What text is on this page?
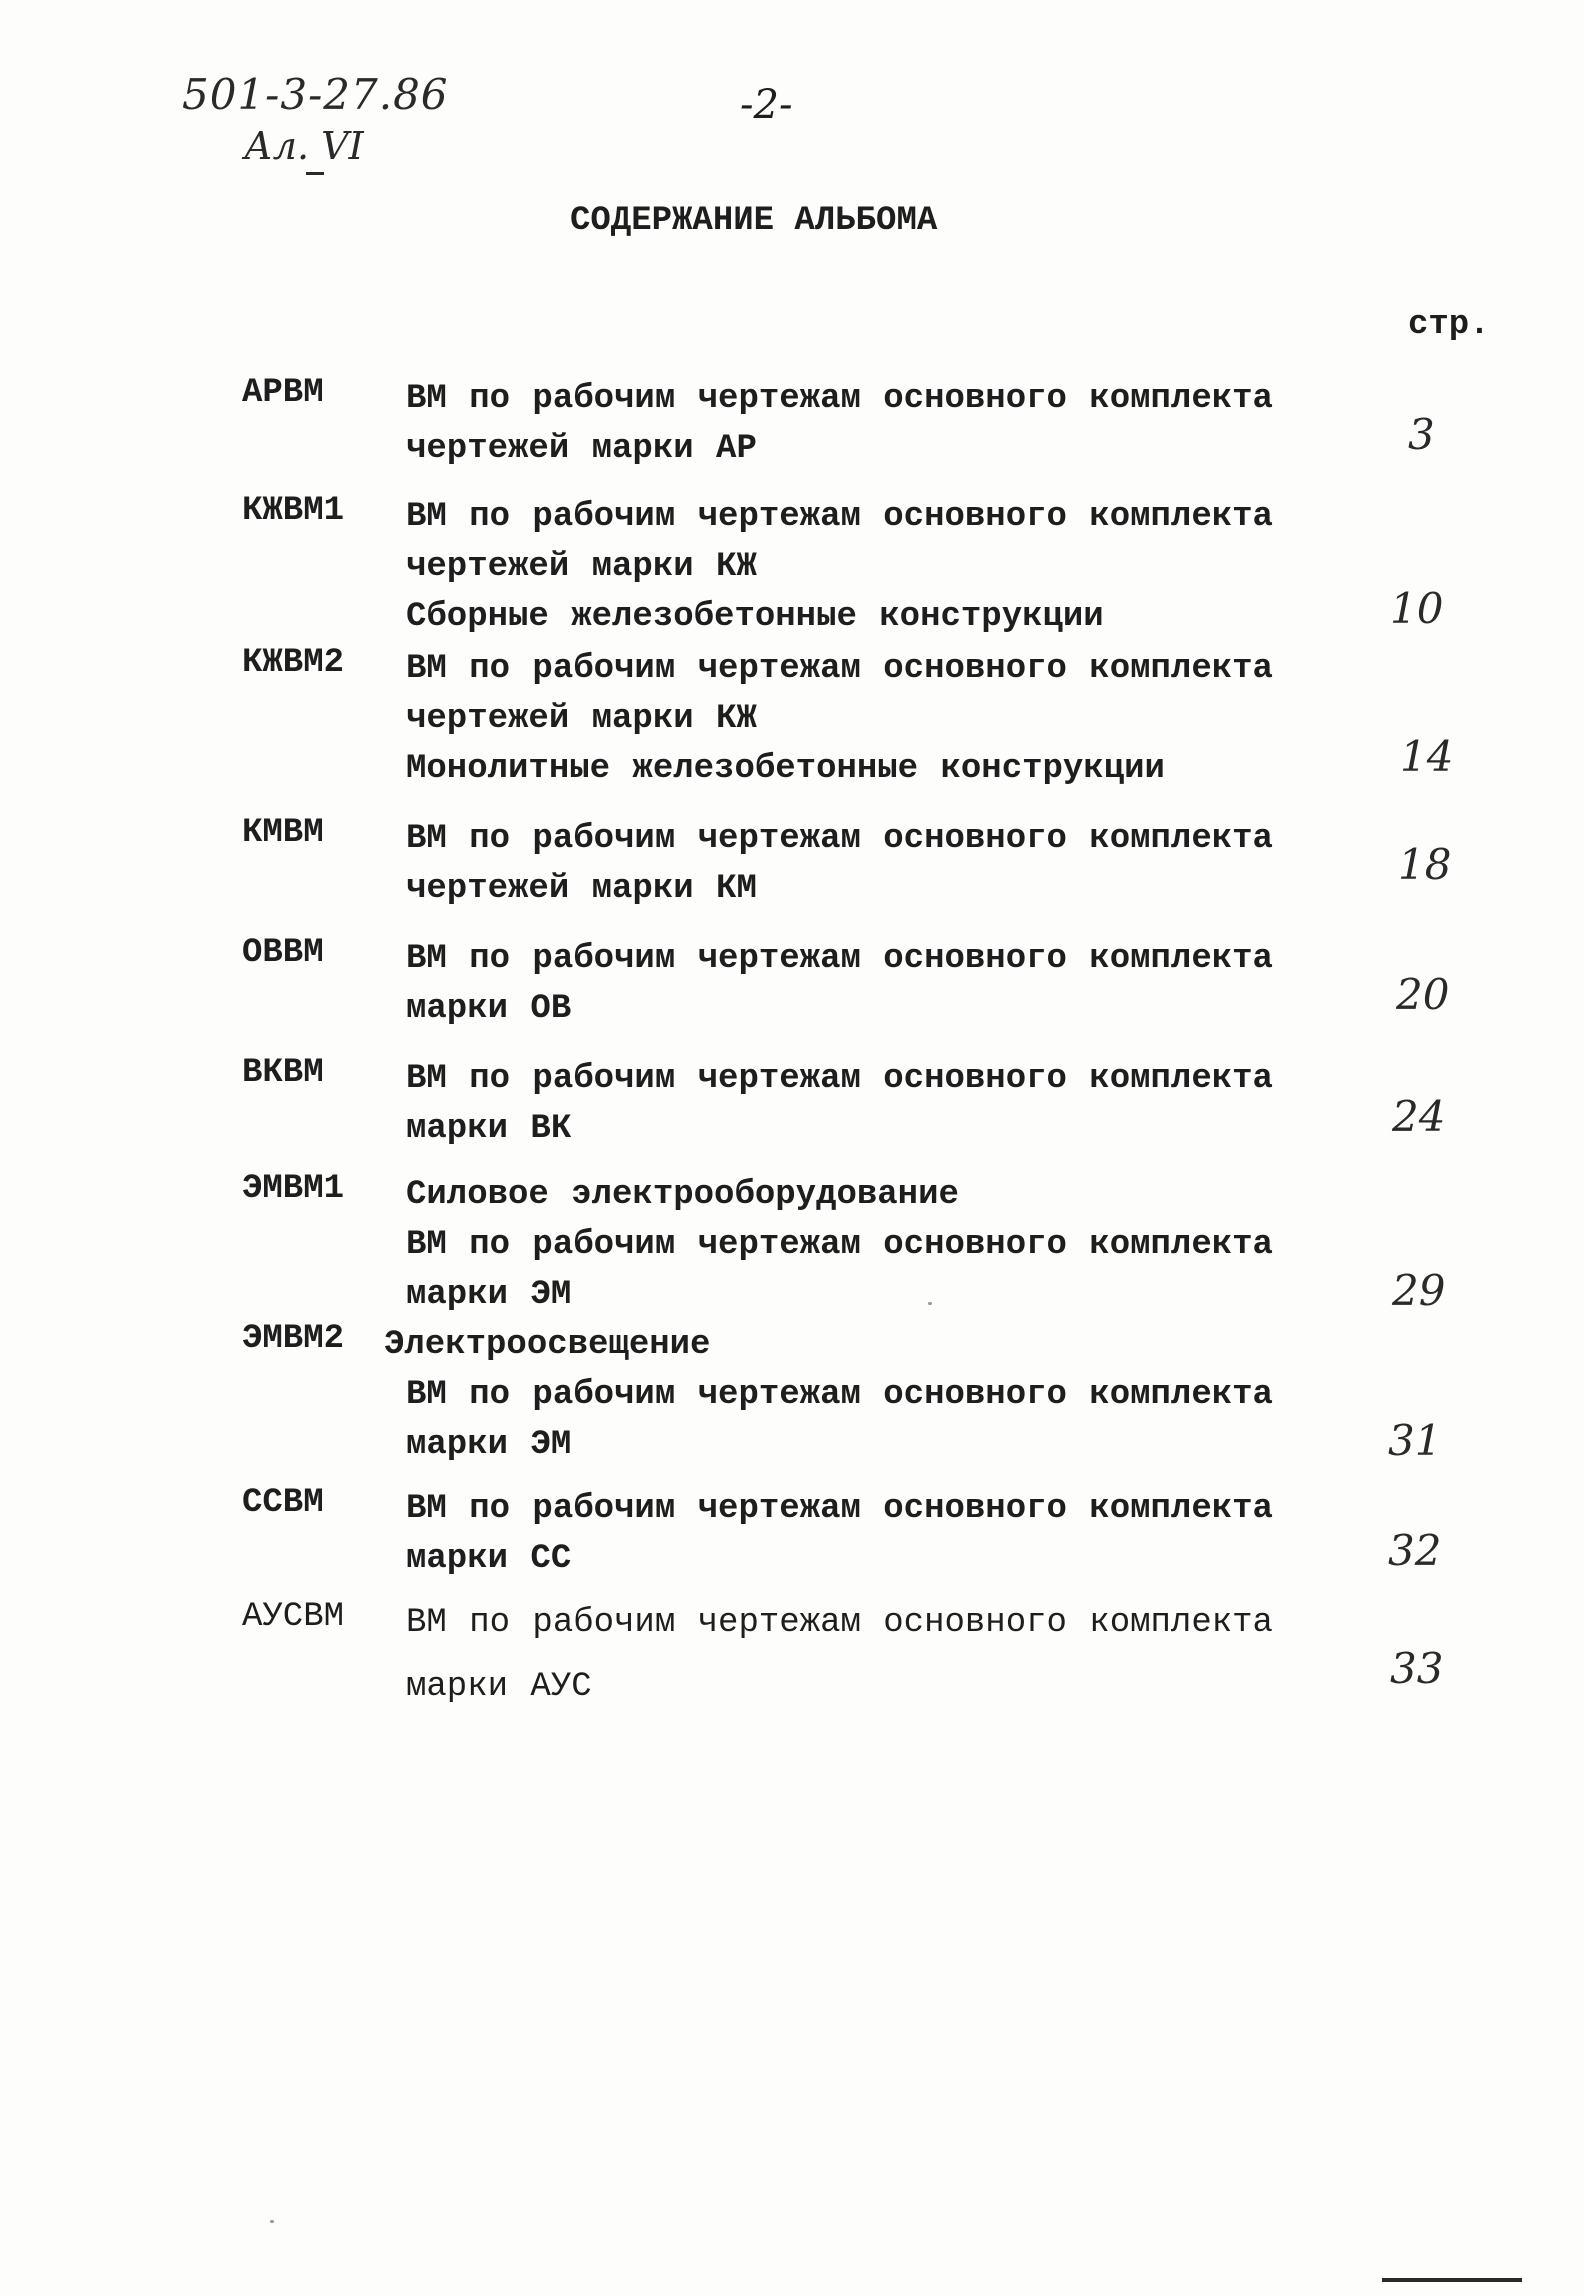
501-3-27.86
Ал. VI
-2-
СОДЕРЖАНИЕ АЛЬБОМА
стр.
АРВМ ВМ по рабочим чертежам основного комплекта
чертежей марки АР	3
КЖВМ1 ВМ по рабочим чертежам основного комплекта
чертежей марки КЖ
Сборные железобетонные конструкции	10
КЖВМ2 ВМ по рабочим чертежам основного комплекта
чертежей марки КЖ
Монолитные железобетонные конструкции	14
КМВМ ВМ по рабочим чертежам основного комплекта
чертежей марки КМ	18
ОВВМ ВМ по рабочим чертежам основного комплекта
марки ОВ	20
ВКВМ ВМ по рабочим чертежам основного комплекта
марки ВК	24
ЭМВМ1 Силовое электрооборудование
ВМ по рабочим чертежам основного комплекта
марки ЭМ	29
ЭМВМ2 Электроосвещение
ВМ по рабочим чертежам основного комплекта
марки ЭМ	31
ССВМ ВМ по рабочим чертежам основного комплекта
марки СС	32
АУСВМ ВМ по рабочим чертежам основного комплекта
марки АУС	33
